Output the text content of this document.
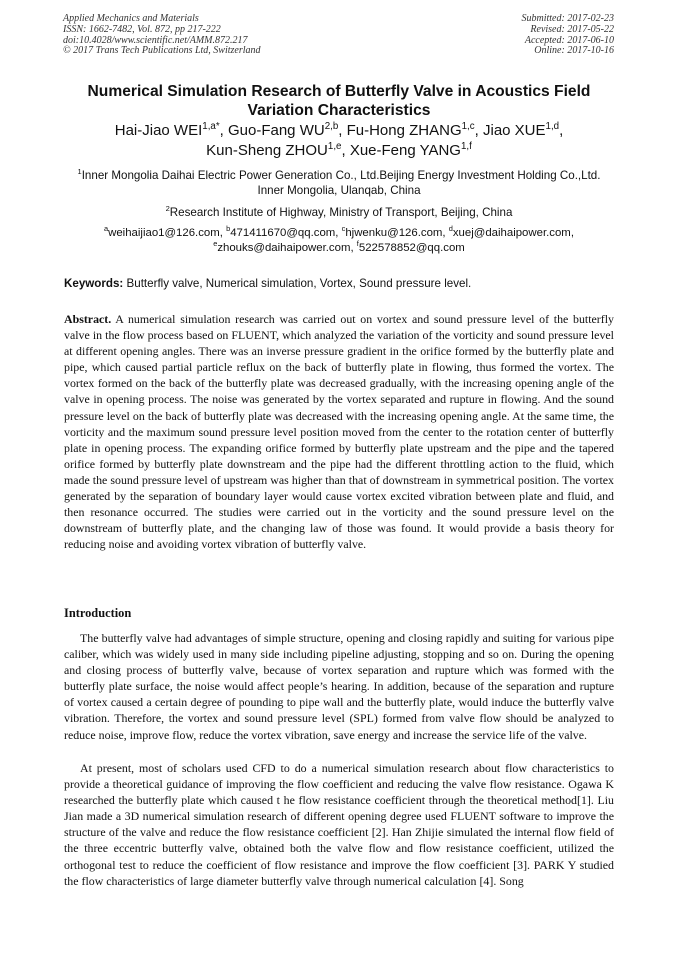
Applied Mechanics and Materials
ISSN: 1662-7482, Vol. 872, pp 217-222
doi:10.4028/www.scientific.net/AMM.872.217
© 2017 Trans Tech Publications Ltd, Switzerland
Submitted: 2017-02-23
Revised: 2017-05-22
Accepted: 2017-06-10
Online: 2017-10-16
Numerical Simulation Research of Butterfly Valve in Acoustics Field Variation Characteristics
Hai-Jiao $WEI^{1,a*}$, Guo-Fang WU$^{2,b}$, Fu-Hong ZHANG$^{1,c}$, Jiao XUE$^{1,d}$,
Kun-Sheng ZHOU$^{1,e}$, Xue-Feng YANG$^{1,f}$
$^1$Inner Mongolia Daihai Electric Power Generation Co., Ltd.Beijing Energy Investment Holding Co.,Ltd. Inner Mongolia, Ulanqab, China
$^2$Research Institute of Highway, Ministry of Transport, Beijing, China
$^a$weihaijiao1@126.com, $^b$471411670@qq.com, $^c$hjwenku@126.com, $^d$xuej@daihaipower.com,
$^e$zhouks@daihaipower.com, $^f$522578852@qq.com
Keywords: Butterfly valve, Numerical simulation, Vortex, Sound pressure level.

Abstract. A numerical simulation research was carried out on vortex and sound pressure level of the butterfly valve in the flow process based on FLUENT, which analyzed the variation of the vorticity and sound pressure level at different opening angles. There was an inverse pressure gradient in the orifice formed by the butterfly plate and pipe, which caused partial particle reflux on the back of butterfly plate in flowing, thus formed the vortex. The vortex formed on the back of the butterfly plate was decreased gradually, with the increasing opening angle of the valve in opening process. The noise was generated by the vortex separated and rupture in flowing. And the sound pressure level on the back of butterfly plate was decreased with the increasing opening angle. At the same time, the vorticity and the maximum sound pressure level position moved from the center to the rotation center of butterfly plate in opening process. The expanding orifice formed by butterfly plate upstream and the pipe and the tapered orifice formed by butterfly plate downstream and the pipe had the different throttling action to the fluid, which made the sound pressure level of upstream was higher than that of downstream in symmetrical position. The vortex generated by the separation of boundary layer would cause vortex excited vibration between plate and fluid, and then resonance occurred. The studies were carried out in the vorticity and the sound pressure level on the downstream of butterfly plate, and the changing law of those was found. It would provide a basis theory for reducing noise and avoiding vortex vibration of butterfly valve.

Introduction

The butterfly valve had advantages of simple structure, opening and closing rapidly and suiting for various pipe caliber, which was widely used in many side including pipeline adjusting, stopping and so on. During the opening and closing process of butterfly valve, because of vortex separation and rupture which was formed with the butterfly plate surface, the noise would affect people’s hearing. In addition, because of the separation and rupture of vortex caused a certain degree of pounding to pipe wall and the butterfly plate, would induce the butterfly valve vibration. Therefore, the vortex and sound pressure level (SPL) formed from valve flow should be analyzed to reduce noise, improve flow, reduce the vortex vibration, save energy and increase the service life of the valve.

At present, most of scholars used CFD to do a numerical simulation research about flow characteristics to provide a theoretical guidance of improving the flow coefficient and reducing the valve flow resistance. Ogawa K researched the butterfly plate which caused t he flow resistance coefficient through the theoretical method[1]. Liu Jian made a 3D numerical simulation research of different opening degree used FLUENT software to improve the structure of the valve and reduce the flow resistance coefficient [2]. Han Zhijie simulated the internal flow field of the three eccentric butterfly valve, obtained both the valve flow and flow resistance coefficient, utilized the orthogonal test to reduce the coefficient of flow resistance and improve the flow coefficient [3]. PARK Y studied the flow characteristics of large diameter butterfly valve through numerical calculation [4]. Song
